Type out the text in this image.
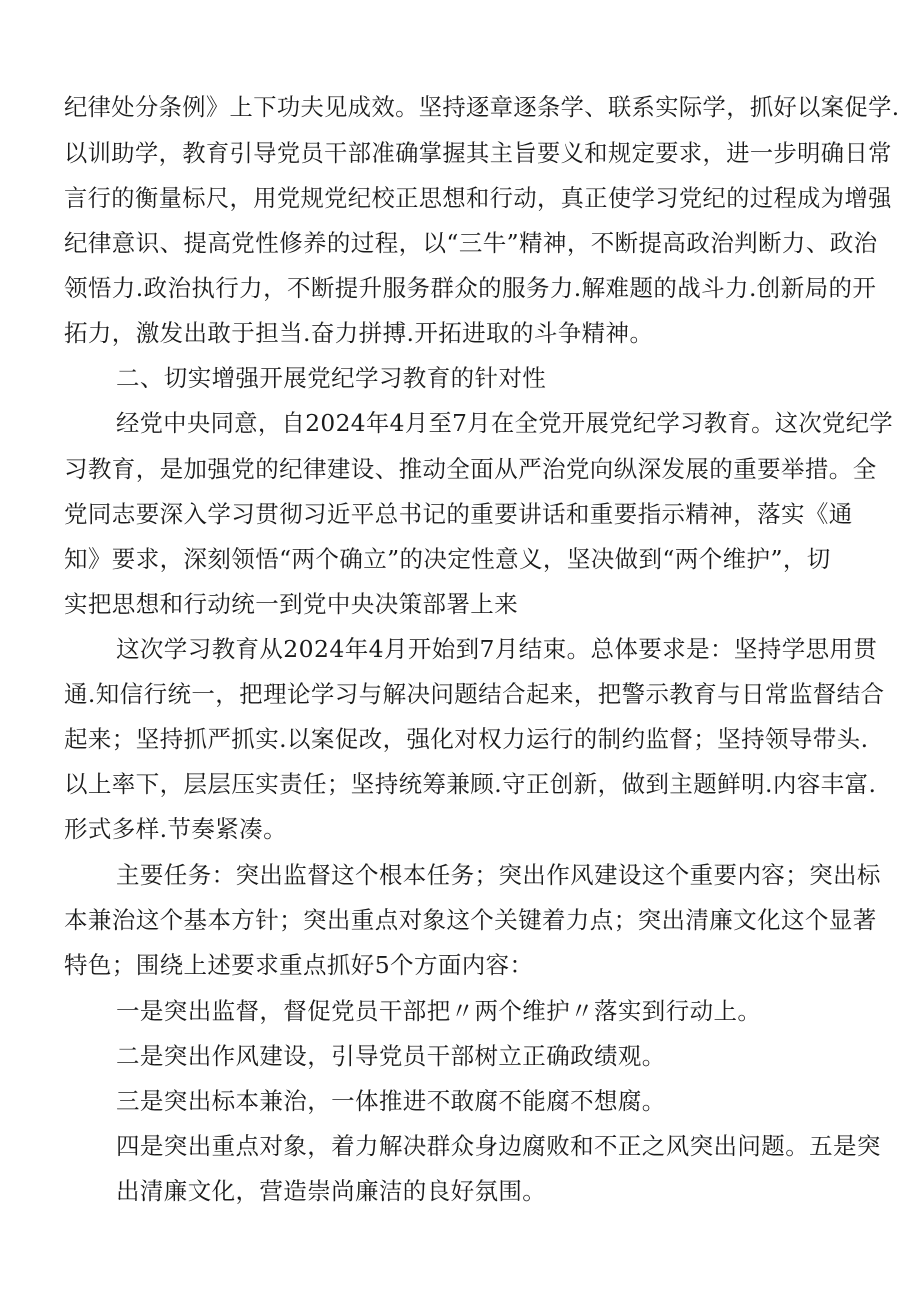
纪律处分条例》上下功夫见成效。坚持逐章逐条学、联系实际学，抓好以案促学.
以训助学，教育引导党员干部准确掌握其主旨要义和规定要求，进一步明确日常
言行的衡量标尺，用党规党纪校正思想和行动，真正使学习党纪的过程成为增强
纪律意识、提高党性修养的过程，以“三牛”精神，不断提高政治判断力、政治
领悟力.政治执行力，不断提升服务群众的服务力.解难题的战斗力.创新局的开
拓力，激发出敢于担当.奋力拼搏.开拓进取的斗争精神。
二、切实增强开展党纪学习教育的针对性
经党中央同意，自2024年4月至7月在全党开展党纪学习教育。这次党纪学
习教育，是加强党的纪律建设、推动全面从严治党向纵深发展的重要举措。全
党同志要深入学习贯彻习近平总书记的重要讲话和重要指示精神，落实《通
知》要求，深刻领悟“两个确立”的决定性意义，坚决做到“两个维护”，切
实把思想和行动统一到党中央决策部署上来
这次学习教育从2024年4月开始到7月结束。总体要求是：坚持学思用贯
通.知信行统一，把理论学习与解决问题结合起来，把警示教育与日常监督结合
起来；坚持抓严抓实.以案促改，强化对权力运行的制约监督；坚持领导带头.
以上率下，层层压实责任；坚持统筹兼顾.守正创新，做到主题鲜明.内容丰富.
形式多样.节奏紧凑。
主要任务：突出监督这个根本任务；突出作风建设这个重要内容；突出标
本兼治这个基本方针；突出重点对象这个关键着力点；突出清廉文化这个显著
特色；围绕上述要求重点抓好5个方面内容：
一是突出监督，督促党员干部把〃两个维护〃落实到行动上。
二是突出作风建设，引导党员干部树立正确政绩观。
三是突出标本兼治，一体推进不敢腐不能腐不想腐。
四是突出重点对象，着力解决群众身边腐败和不正之风突出问题。五是突
出清廉文化，营造崇尚廉洁的良好氛围。
